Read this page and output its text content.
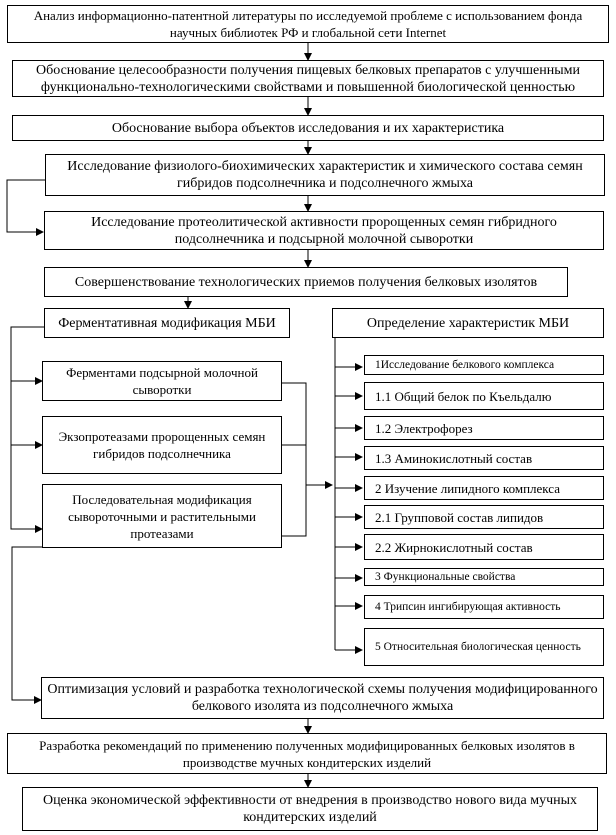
Анализ информационно-патентной литературы по исследуемой проблеме с использованием фонда научных библиотек РФ и глобальной сети Internet
Обоснование целесообразности получения пищевых белковых препаратов с улучшенными функционально-технологическими свойствами и повышенной биологической ценностью
Обоснование выбора объектов исследования и их характеристика
Исследование физиолого-биохимических характеристик и химического состава семян гибридов подсолнечника и подсолнечного жмыха
Исследование протеолитической активности пророщенных семян гибридного подсолнечника и подсырной молочной сыворотки
Совершенствование технологических приемов получения белковых изолятов
Ферментативная модификация МБИ	Определение характеристик МБИ
Ферментами подсырной молочной сыворотки
Экзопротеазами пророщенных семян гибридов подсолнечника
Последовательная модификация сывороточными и растительными протеазами
1Исследование белкового комплекса
1.1 Общий белок по Къельдалю
1.2 Электрофорез
1.3 Аминокислотный состав
2 Изучение липидного комплекса
2.1 Групповой состав липидов
2.2 Жирнокислотный состав
3 Функциональные свойства
4 Трипсин ингибирующая активность
5 Относительная биологическая ценность
Оптимизация условий и разработка технологической схемы получения модифицированного белкового изолята из подсолнечного жмыха
Разработка рекомендаций по применению полученных модифицированных белковых изолятов в производстве мучных кондитерских изделий
Оценка экономической эффективности от внедрения в производство нового вида мучных кондитерских изделий
